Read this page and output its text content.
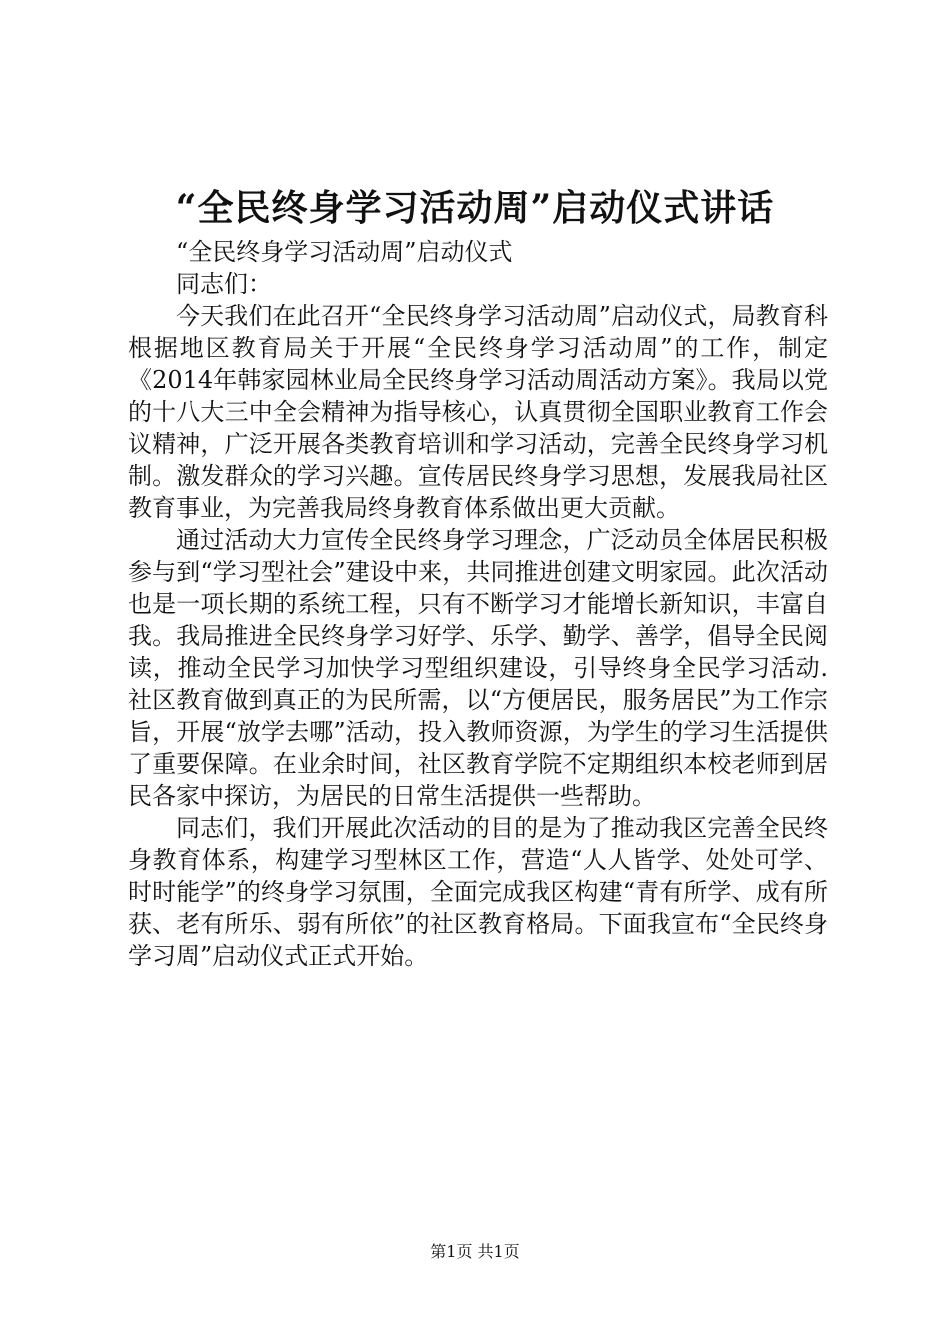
“全民终身学习活动周”启动仪式讲话

“全民终身学习活动周”启动仪式

同志们：

今天我们在此召开“全民终身学习活动周”启动仪式，局教育科根据地区教育局关于开展“全民终身学习活动周”的工作，制定《2014年韩家园林业局全民终身学习活动周活动方案》。我局以党的十八大三中全会精神为指导核心，认真贯彻全国职业教育工作会议精神，广泛开展各类教育培训和学习活动，完善全民终身学习机制。激发群众的学习兴趣。宣传居民终身学习思想，发展我局社区教育事业，为完善我局终身教育体系做出更大贡献。

通过活动大力宣传全民终身学习理念，广泛动员全体居民积极参与到“学习型社会”建设中来，共同推进创建文明家园。此次活动也是一项长期的系统工程，只有不断学习才能增长新知识，丰富自我。我局推进全民终身学习好学、乐学、勤学、善学，倡导全民阅读，推动全民学习加快学习型组织建设，引导终身全民学习活动.社区教育做到真正的为民所需，以“方便居民，服务居民”为工作宗旨，开展“放学去哪”活动，投入教师资源，为学生的学习生活提供了重要保障。在业余时间，社区教育学院不定期组织本校老师到居民各家中探访，为居民的日常生活提供一些帮助。

同志们，我们开展此次活动的目的是为了推动我区完善全民终身教育体系，构建学习型林区工作，营造“人人皆学、处处可学、时时能学”的终身学习氛围，全面完成我区构建“青有所学、成有所获、老有所乐、弱有所依”的社区教育格局。下面我宣布“全民终身学习周”启动仪式正式开始。

第1页 共1页
